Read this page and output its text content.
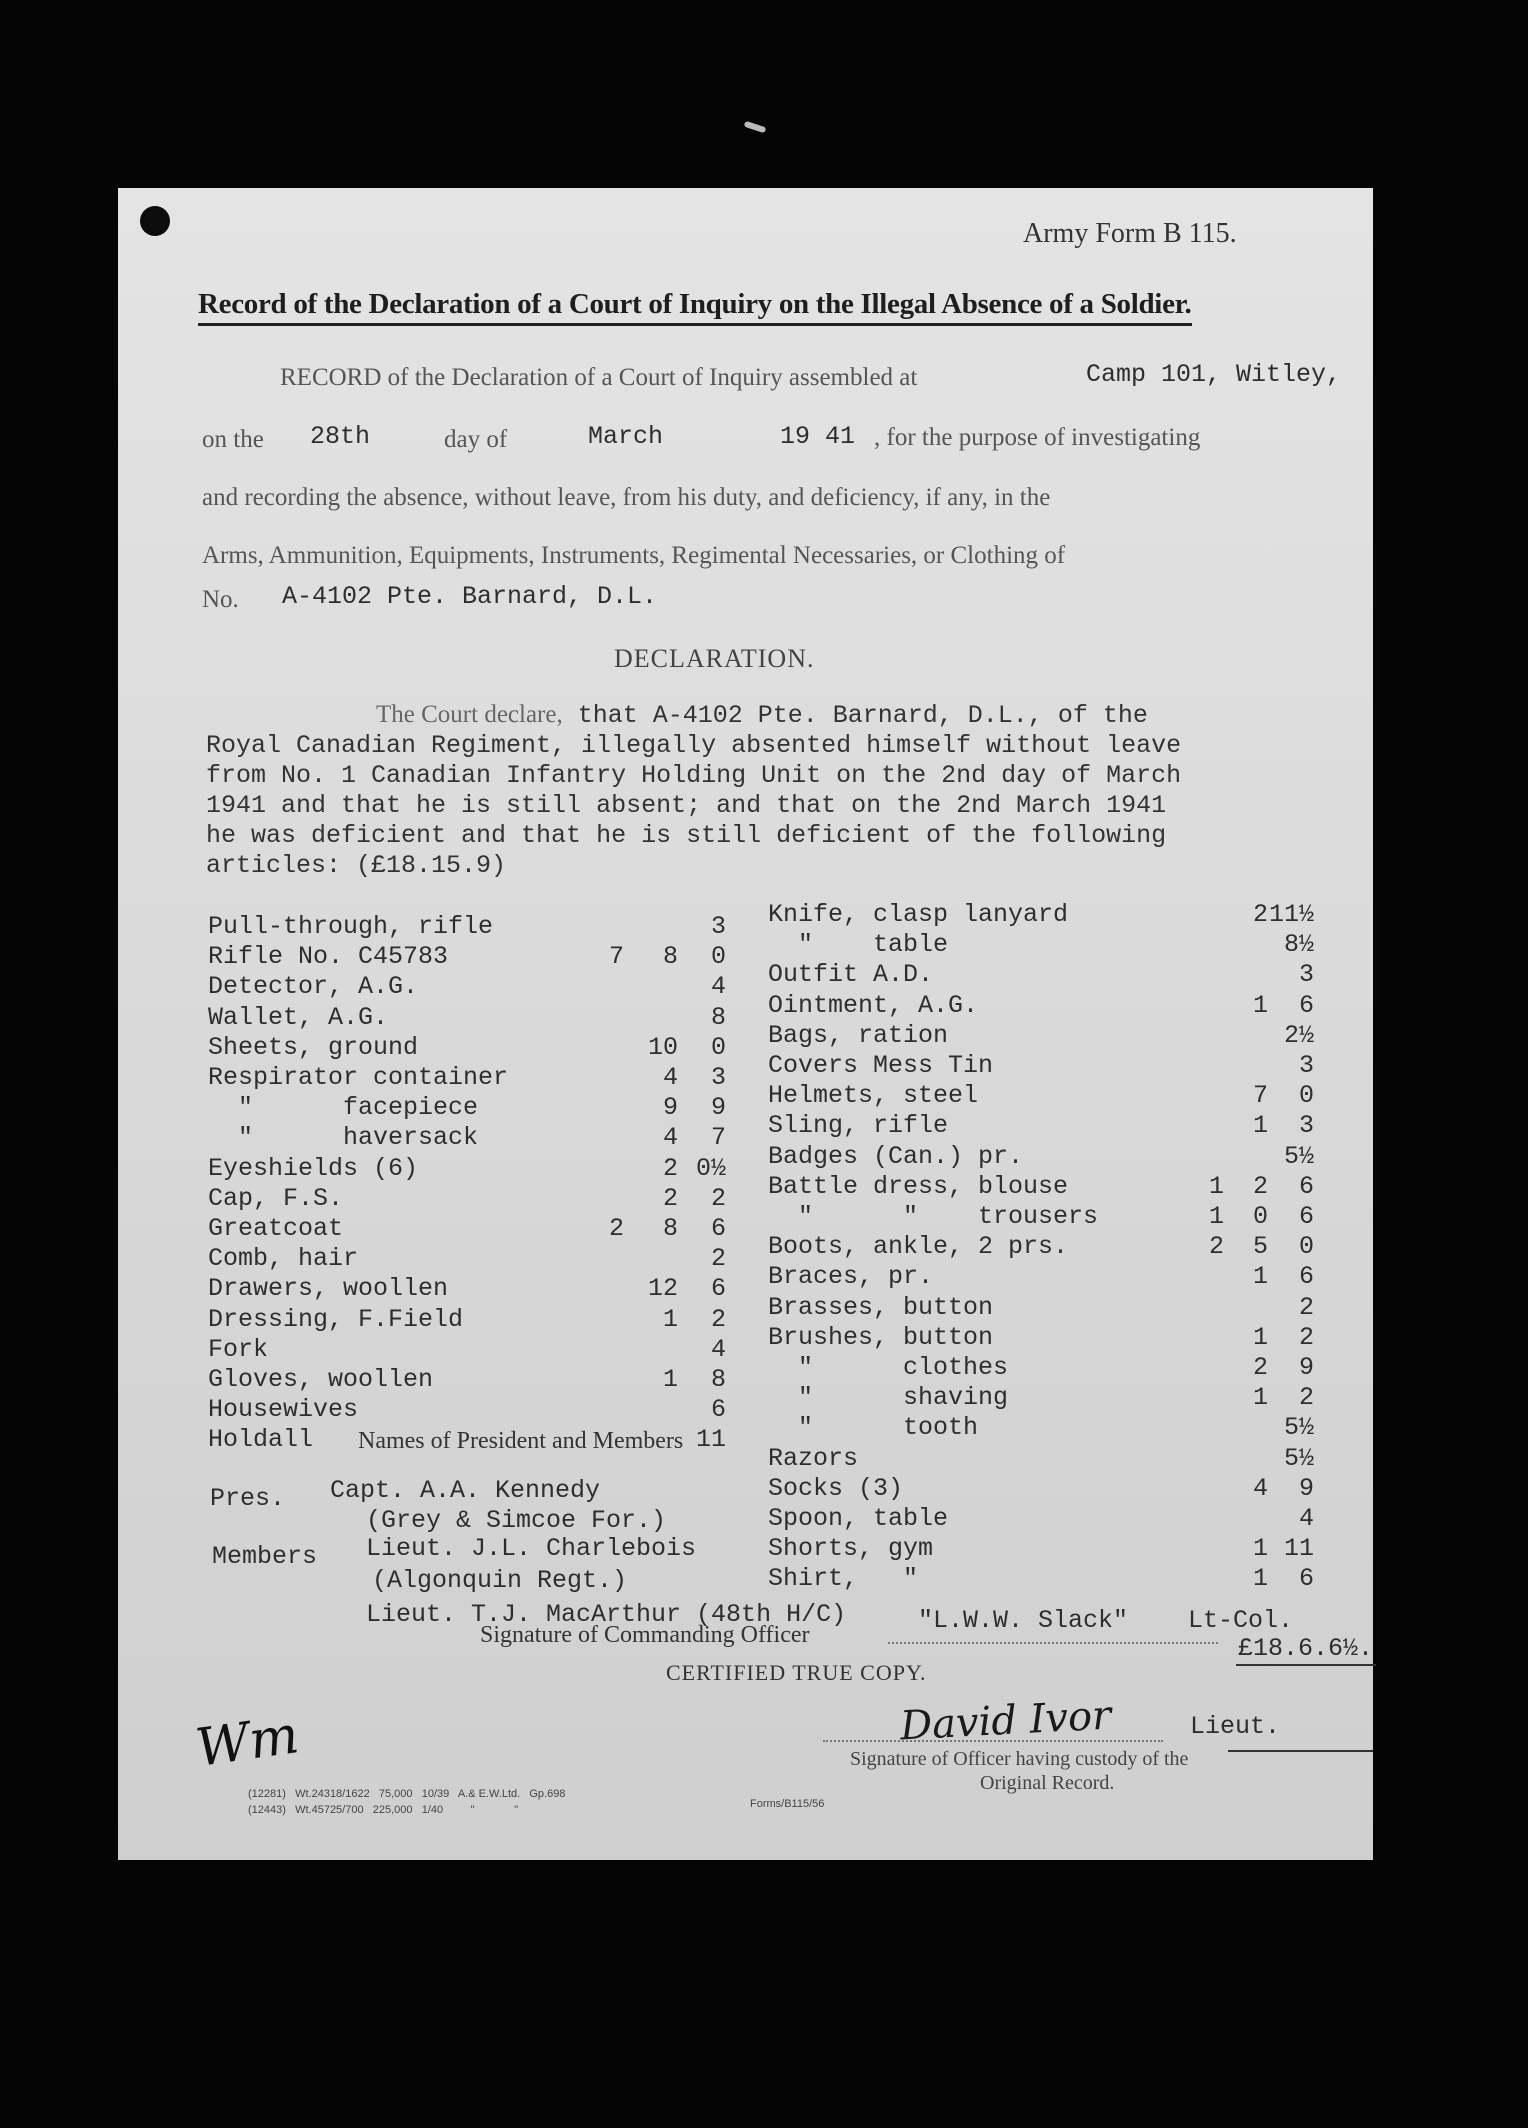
Army Form B 115.
Record of the Declaration of a Court of Inquiry on the Illegal Absence of a Soldier.
RECORD of the Declaration of a Court of Inquiry assembled at	Camp 101, Witley,
on the 28th	day of	March	19 41 , for the purpose of investigating
and recording the absence, without leave, from his duty, and deficiency, if any, in the
Arms, Ammunition, Equipments, Instruments, Regimental Necessaries, or Clothing of
No. A-4102 Pte. Barnard, D.L.
DECLARATION.
The Court declare, that A-4102 Pte. Barnard, D.L., of the
Royal Canadian Regiment, illegally absented himself without leave
from No. 1 Canadian Infantry Holding Unit on the 2nd day of March
1941 and that he is still absent; and that on the 2nd March 1941
he was deficient and that he is still deficient of the following
articles: (£18.15.9)
Pull-through, rifle	3
Rifle No. C45783	7	8	0
Detector, A.G.	4
Wallet, A.G.	8
Sheets, ground	10	0
Respirator container	4	3
"      facepiece	9	9
"      haversack	4	7
Eyeshields (6)	2 0½
Cap, F.S.	2	2
Greatcoat	2	8	6
Comb, hair	2
Drawers, woollen	12	6
Dressing, F.Field	1	2
Fork	4
Gloves, woollen	1	8
Housewives	6
Holdall	11
Knife, clasp lanyard	2 11½
"    table	8½
Outfit A.D.	3
Ointment, A.G.	1	6
Bags, ration	2½
Covers Mess Tin	3
Helmets, steel	7	0
Sling, rifle	1	3
Badges (Can.) pr.	5½
Battle dress, blouse	1	2	6
"      "    trousers	1	0	6
Boots, ankle, 2 prs.	2	5	0
Braces, pr.	1	6
Brasses, button	2
Brushes, button	1	2
"      clothes	2	9
"      shaving	1	2
"      tooth	5½
Razors	5½
Socks (3)	4	9
Spoon, table	4
Shorts, gym	1 11
Shirt,   "	1	6
Names of President and Members
Pres. Capt. A.A. Kennedy
(Grey & Simcoe For.)
Members Lieut. J.L. Charlebois
(Algonquin Regt.)
Lieut. T.J. MacArthur (48th H/C)
Signature of Commanding Officer	"L.W.W. Slack" Lt-Col.
£18.6.6½.
CERTIFIED TRUE COPY.
David Ivor	Lieut.
Signature of Officer having custody of the
Original Record.
Wm
(12281) Wt.24318/1622 75,000 10/39 A.& E.W.Ltd. Gp.698
(12443) Wt.45725/700 225,000 1/40	"	"	Forms/B115/56
